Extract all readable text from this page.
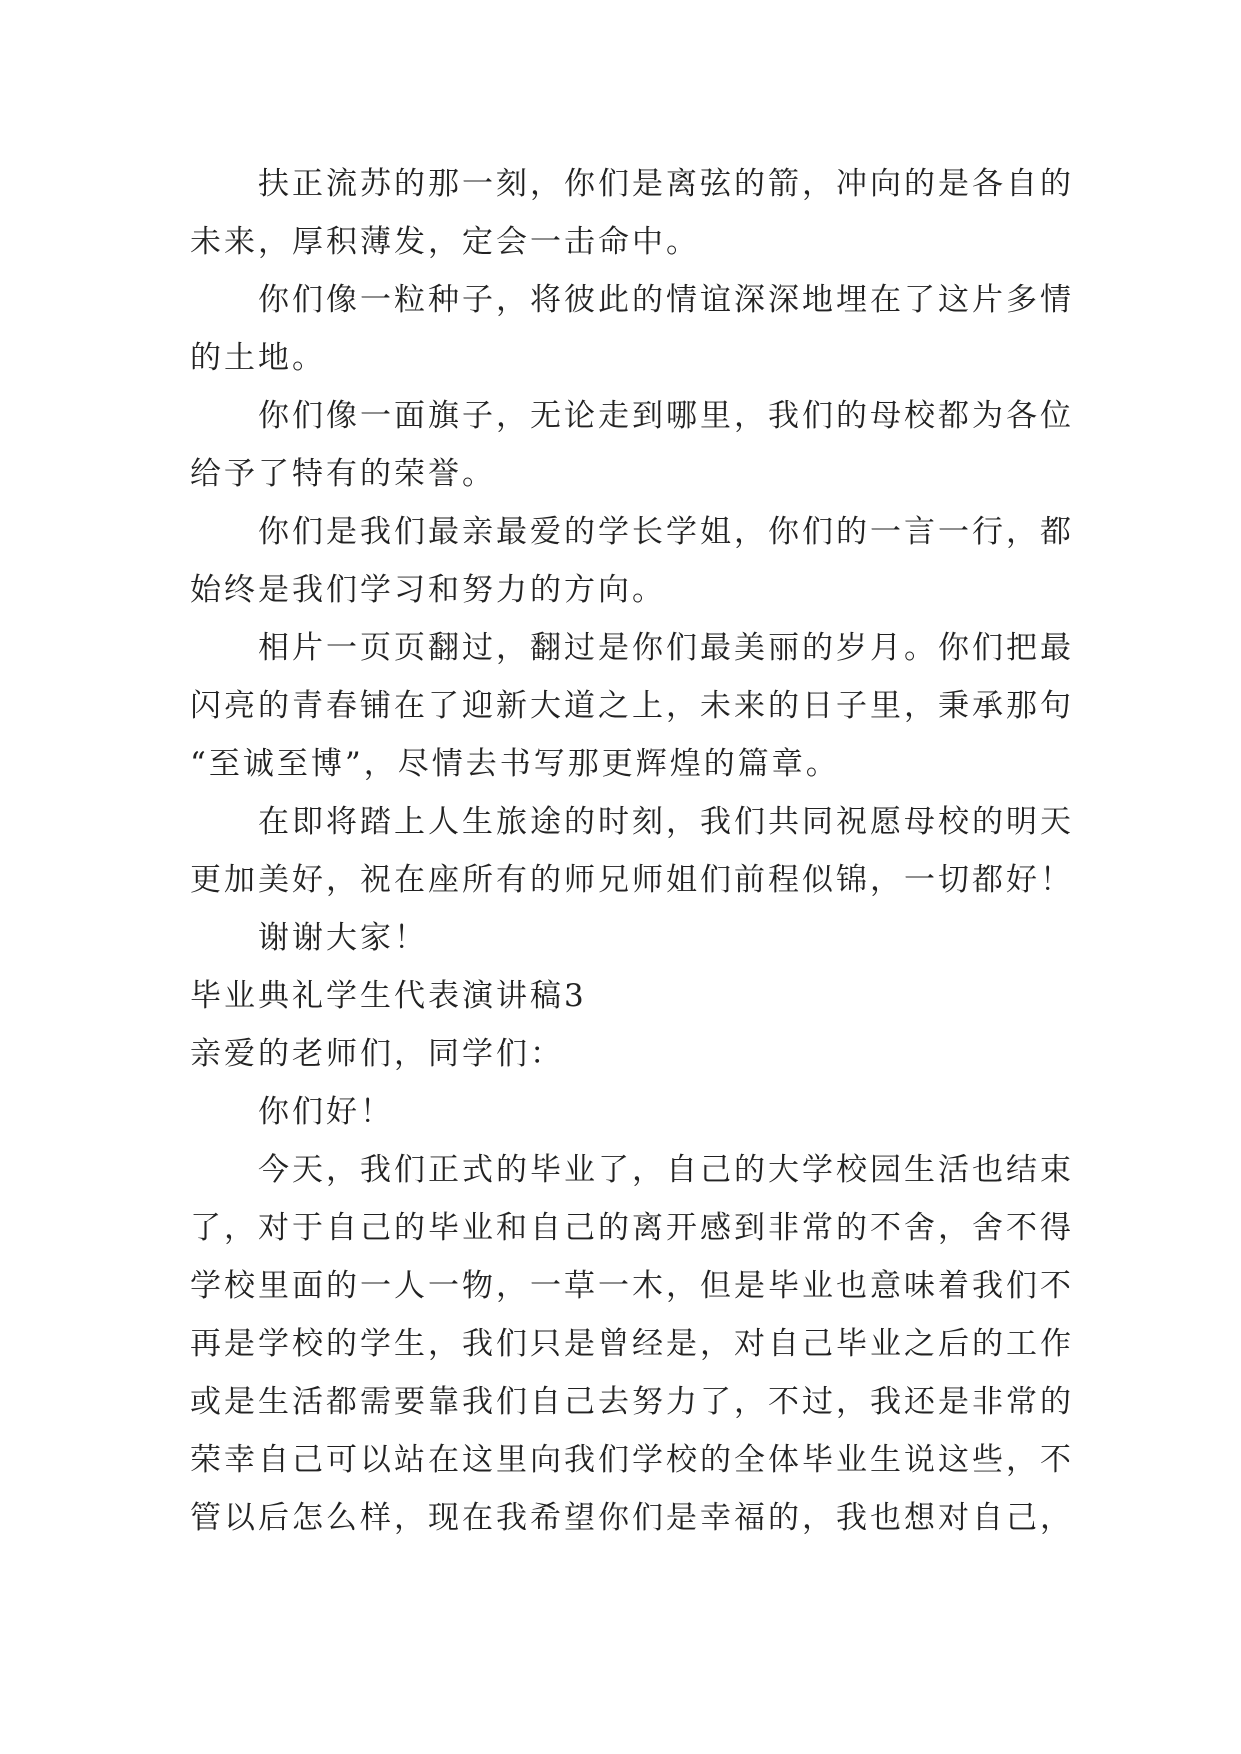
扶正流苏的那一刻，你们是离弦的箭，冲向的是各自的
未来，厚积薄发，定会一击命中。
你们像一粒种子，将彼此的情谊深深地埋在了这片多情
的土地。
你们像一面旗子，无论走到哪里，我们的母校都为各位
给予了特有的荣誉。
你们是我们最亲最爱的学长学姐，你们的一言一行，都
始终是我们学习和努力的方向。
相片一页页翻过，翻过是你们最美丽的岁月。你们把最
闪亮的青春铺在了迎新大道之上，未来的日子里，秉承那句
“至诚至博”，尽情去书写那更辉煌的篇章。
在即将踏上人生旅途的时刻，我们共同祝愿母校的明天
更加美好，祝在座所有的师兄师姐们前程似锦，一切都好！
谢谢大家！
毕业典礼学生代表演讲稿3
亲爱的老师们，同学们：
你们好！
今天，我们正式的毕业了，自己的大学校园生活也结束
了，对于自己的毕业和自己的离开感到非常的不舍，舍不得
学校里面的一人一物，一草一木，但是毕业也意味着我们不
再是学校的学生，我们只是曾经是，对自己毕业之后的工作
或是生活都需要靠我们自己去努力了，不过，我还是非常的
荣幸自己可以站在这里向我们学校的全体毕业生说这些，不
管以后怎么样，现在我希望你们是幸福的，我也想对自己，
